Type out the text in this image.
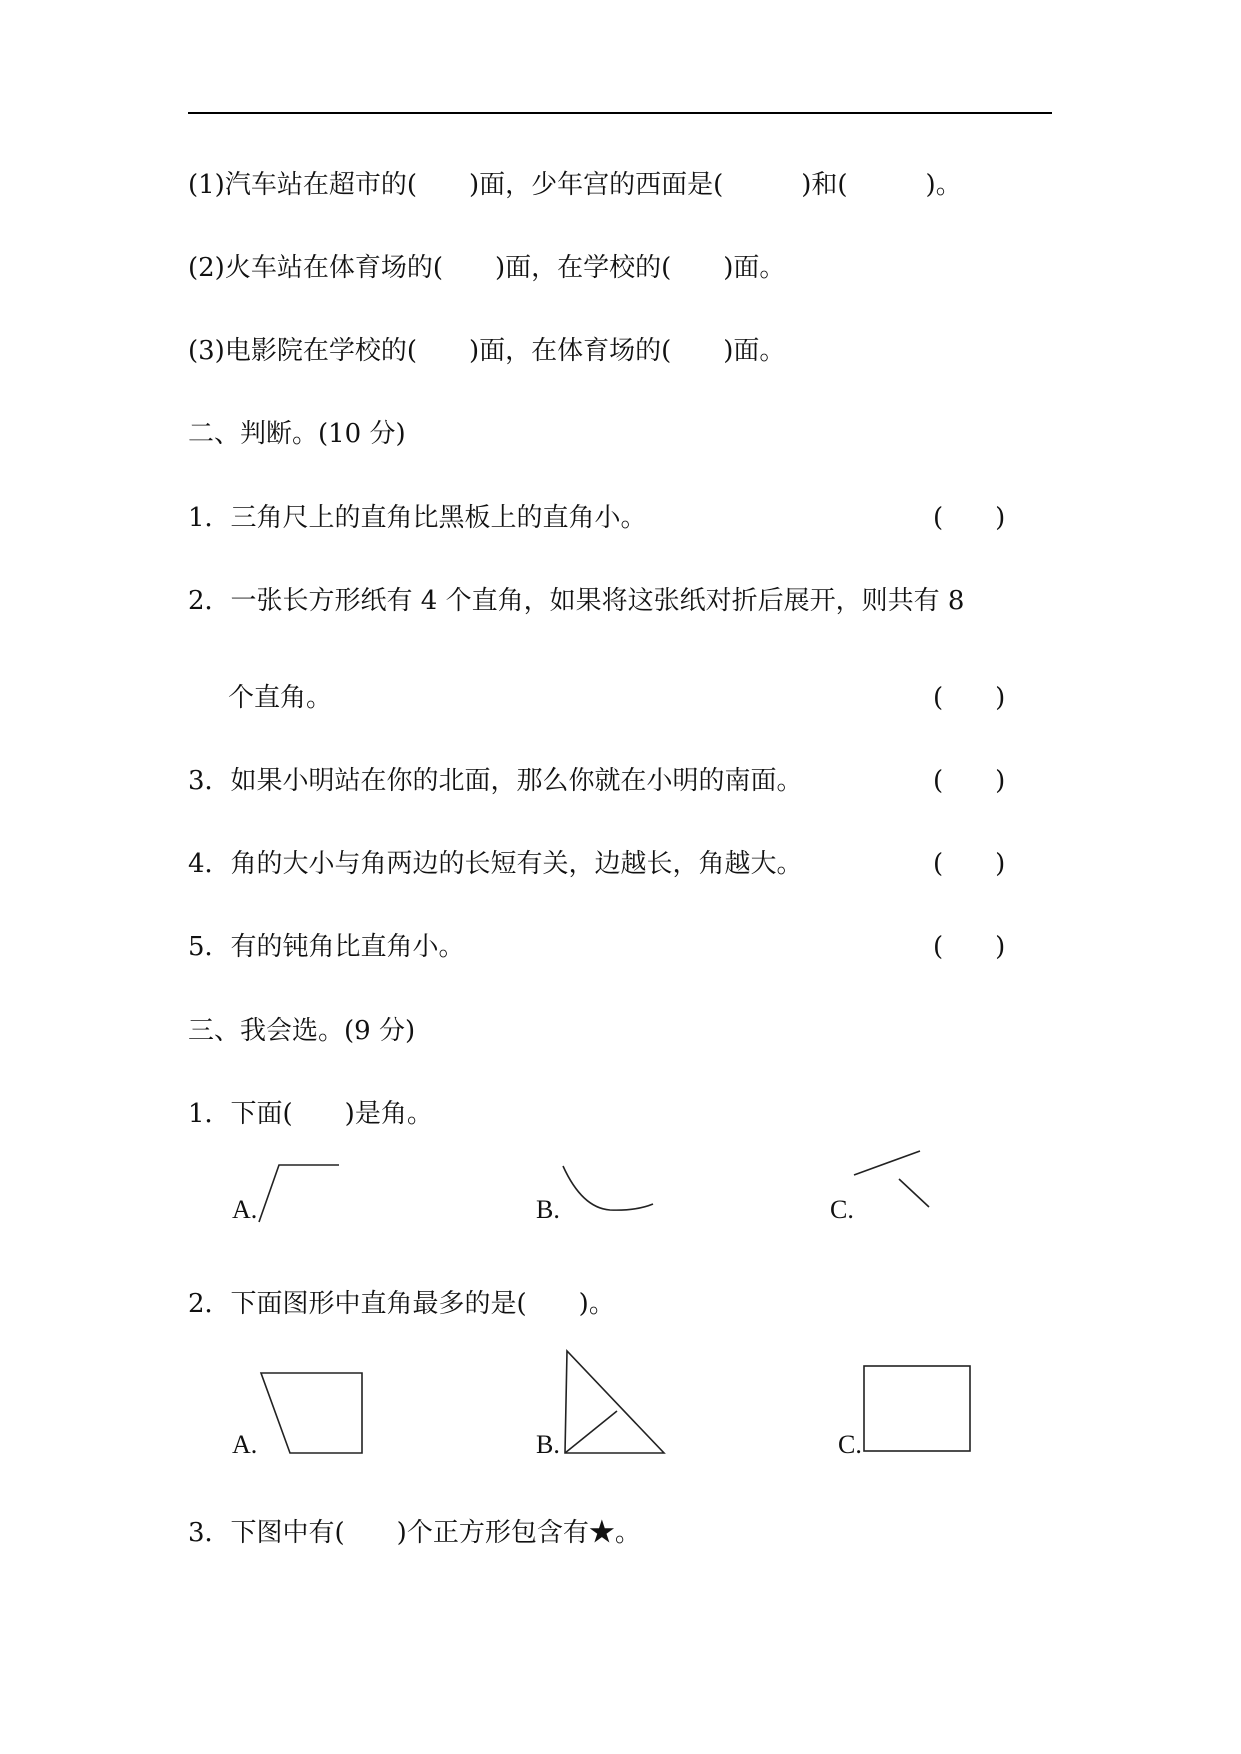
(1)汽车站在超市的(　　)面，少年宫的西面是(　　　)和(　　　)。
(2)火车站在体育场的(　　)面，在学校的(　　)面。
(3)电影院在学校的(　　)面，在体育场的(　　)面。
二、判断。(10 分)
1．三角尺上的直角比黑板上的直角小。	(　　)
2．一张长方形纸有 4 个直角，如果将这张纸对折后展开，则共有 8
个直角。	(　　)
3．如果小明站在你的北面，那么你就在小明的南面。	(　　)
4．角的大小与角两边的长短有关，边越长，角越大。	(　　)
5．有的钝角比直角小。	(　　)
三、我会选。(9 分)
1．下面(　　)是角。
A.	B.	C.
2．下面图形中直角最多的是(　　)。
A.	B.	C.
3．下图中有(　　)个正方形包含有★。
